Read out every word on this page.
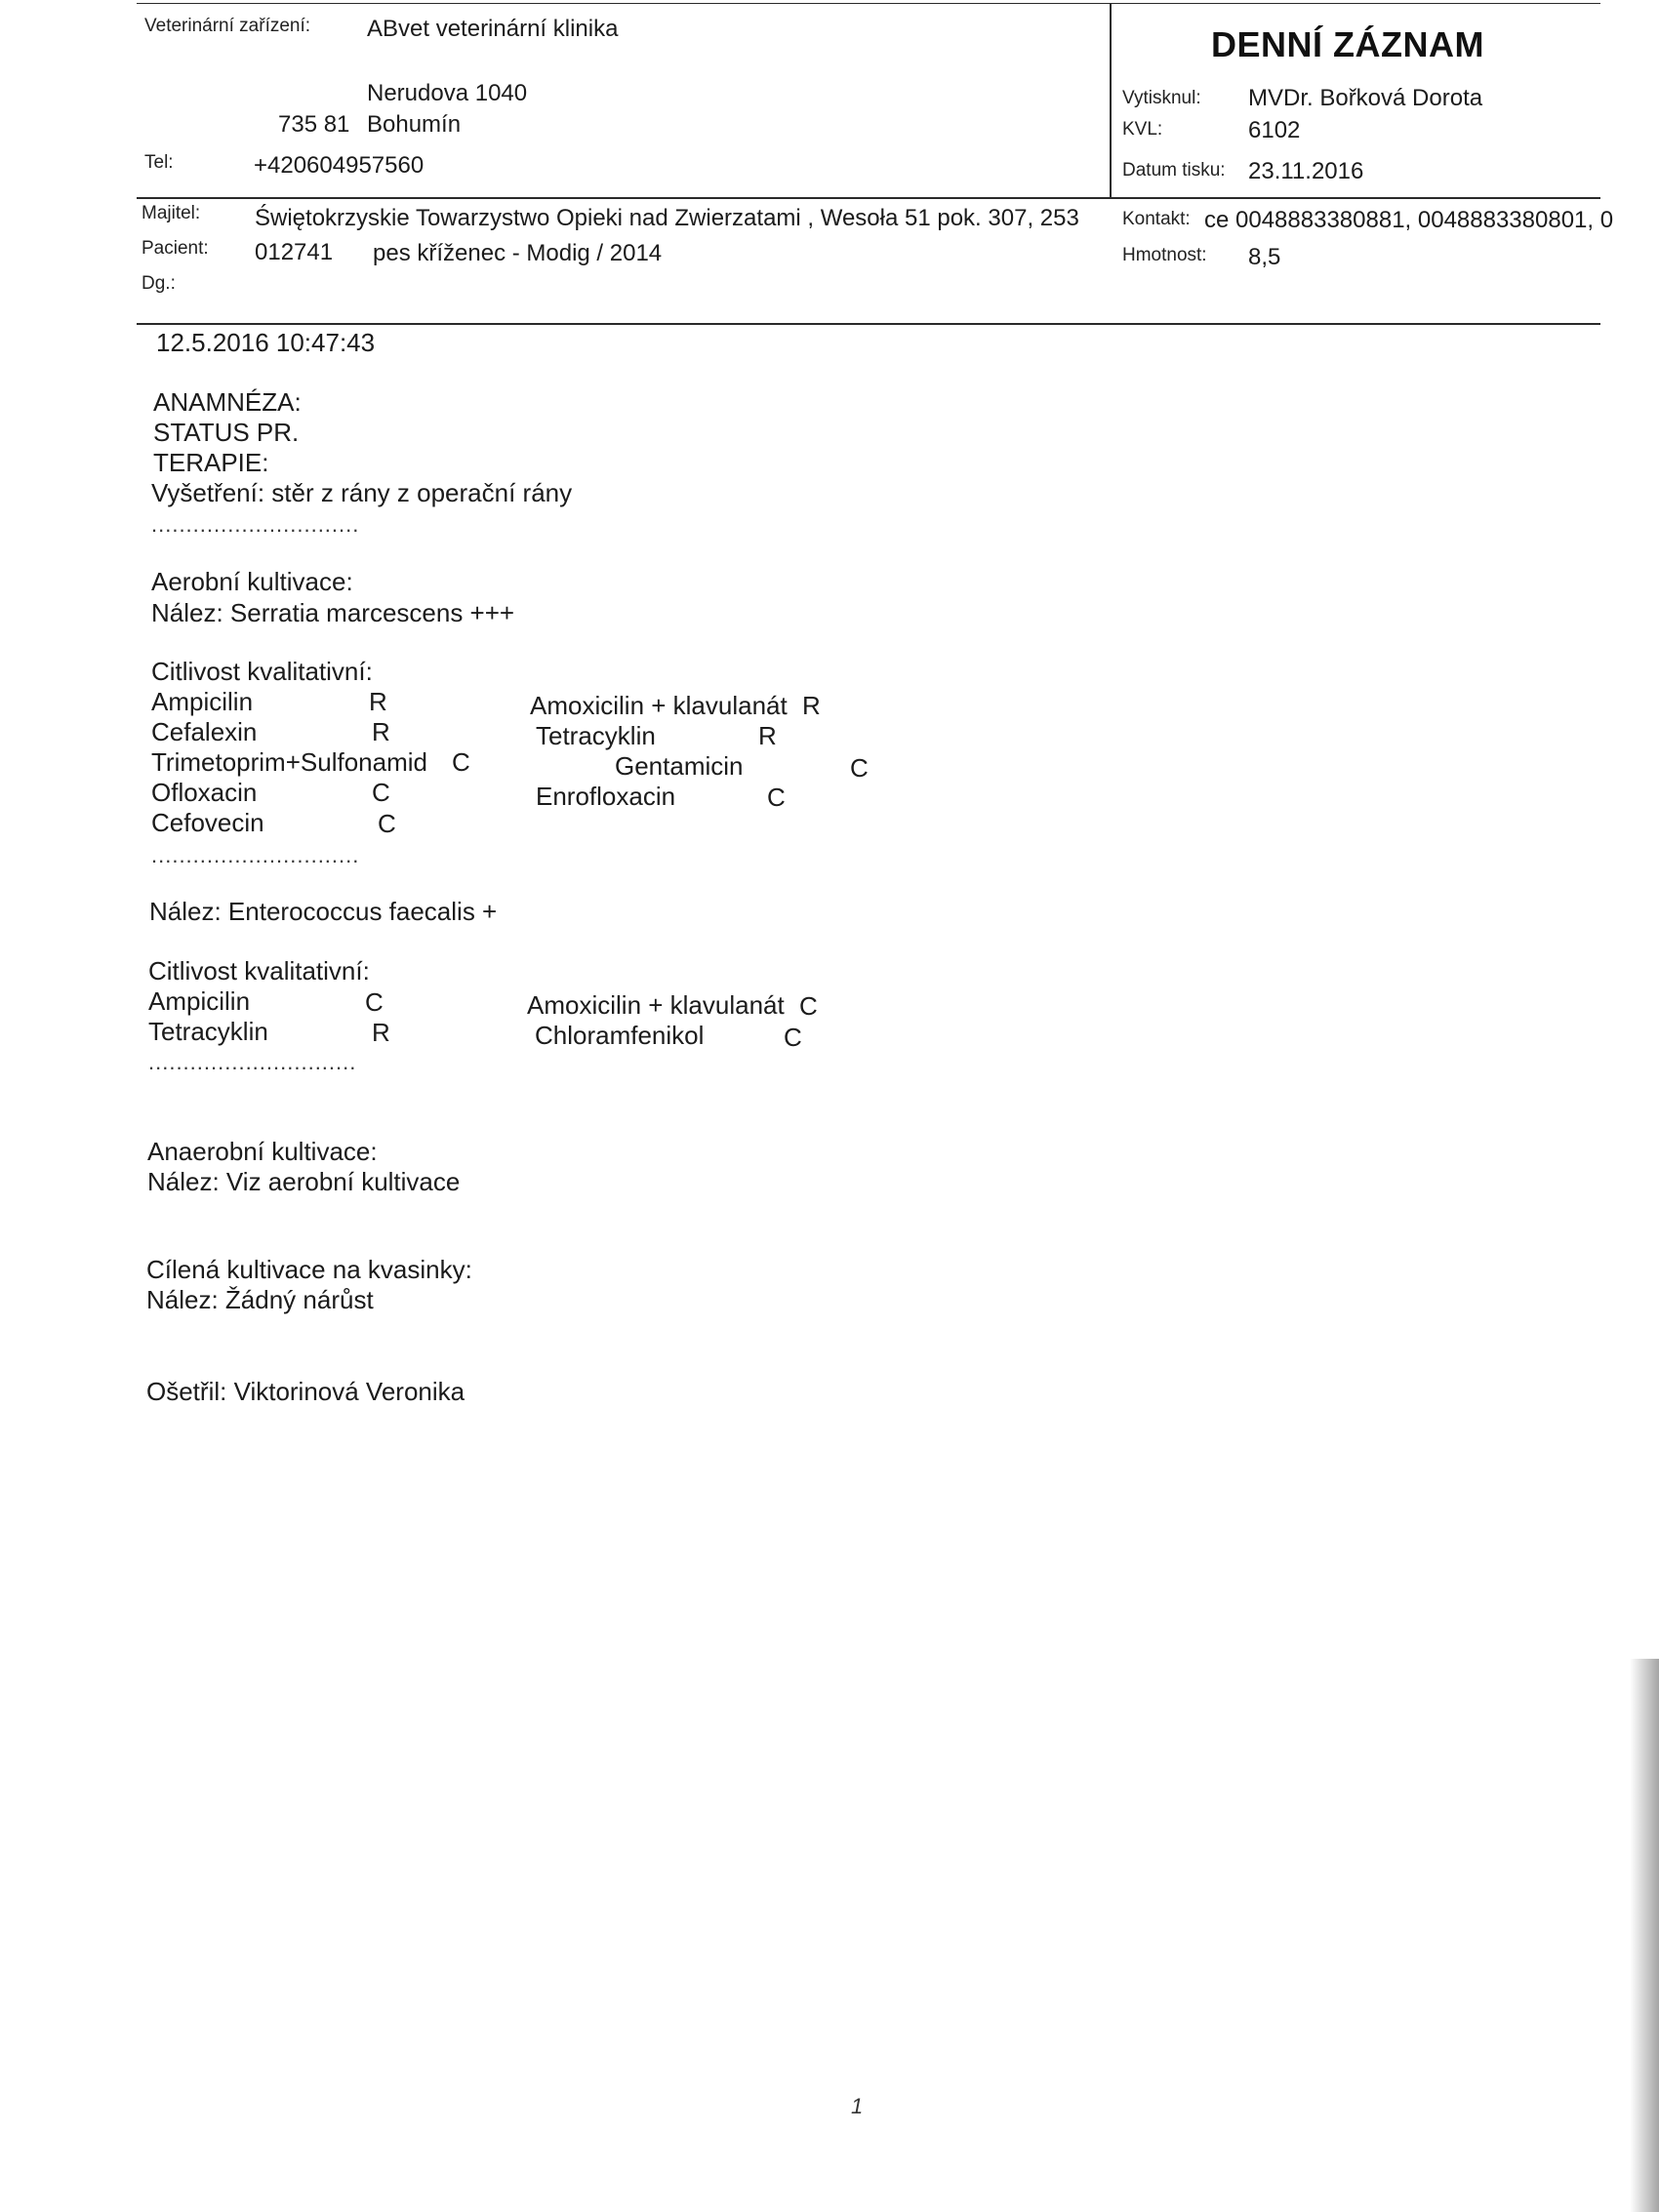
Veterinární zařízení: ABvet veterinární klinika
Nerudova 1040
735 81 Bohumín
Tel:	+420604957560
DENNÍ ZÁZNAM
Vytisknul: MVDr. Bořková Dorota
KVL:	6102
Datum tisku: 23.11.2016
Majitel: Świętokrzyskie Towarzystwo Opieki nad Zwierzatami , Wesoła 51 pok. 307, 253 Kontakt: ce 0048883380881, 0048883380801, 0
Pacient: 012741 pes kříženec - Modig / 2014	Hmotnost: 8,5
Dg.:
12.5.2016 10:47:43
ANAMNÉZA:
STATUS PR.
TERAPIE:
Vyšetření: stěr z rány z operační rány
..............................
Aerobní kultivace:
Nález: Serratia marcescens +++
Citlivost kvalitativní:
Ampicilin	R
Cefalexin	R
Trimetoprim+Sulfonamid C
Ofloxacin	C
Cefovecin	C
Amoxicilin + klavulanát R
Tetracyklin	R
Gentamicin	C
Enrofloxacin	C
..............................
Nález: Enterococcus faecalis +
Citlivost kvalitativní:
Ampicilin	C
Tetracyklin	R
Amoxicilin + klavulanát C
Chloramfenikol	C
..............................
Anaerobní kultivace:
Nález: Viz aerobní kultivace
Cílená kultivace na kvasinky:
Nález: Žádný nárůst
Ošetřil: Viktorinová Veronika
1
